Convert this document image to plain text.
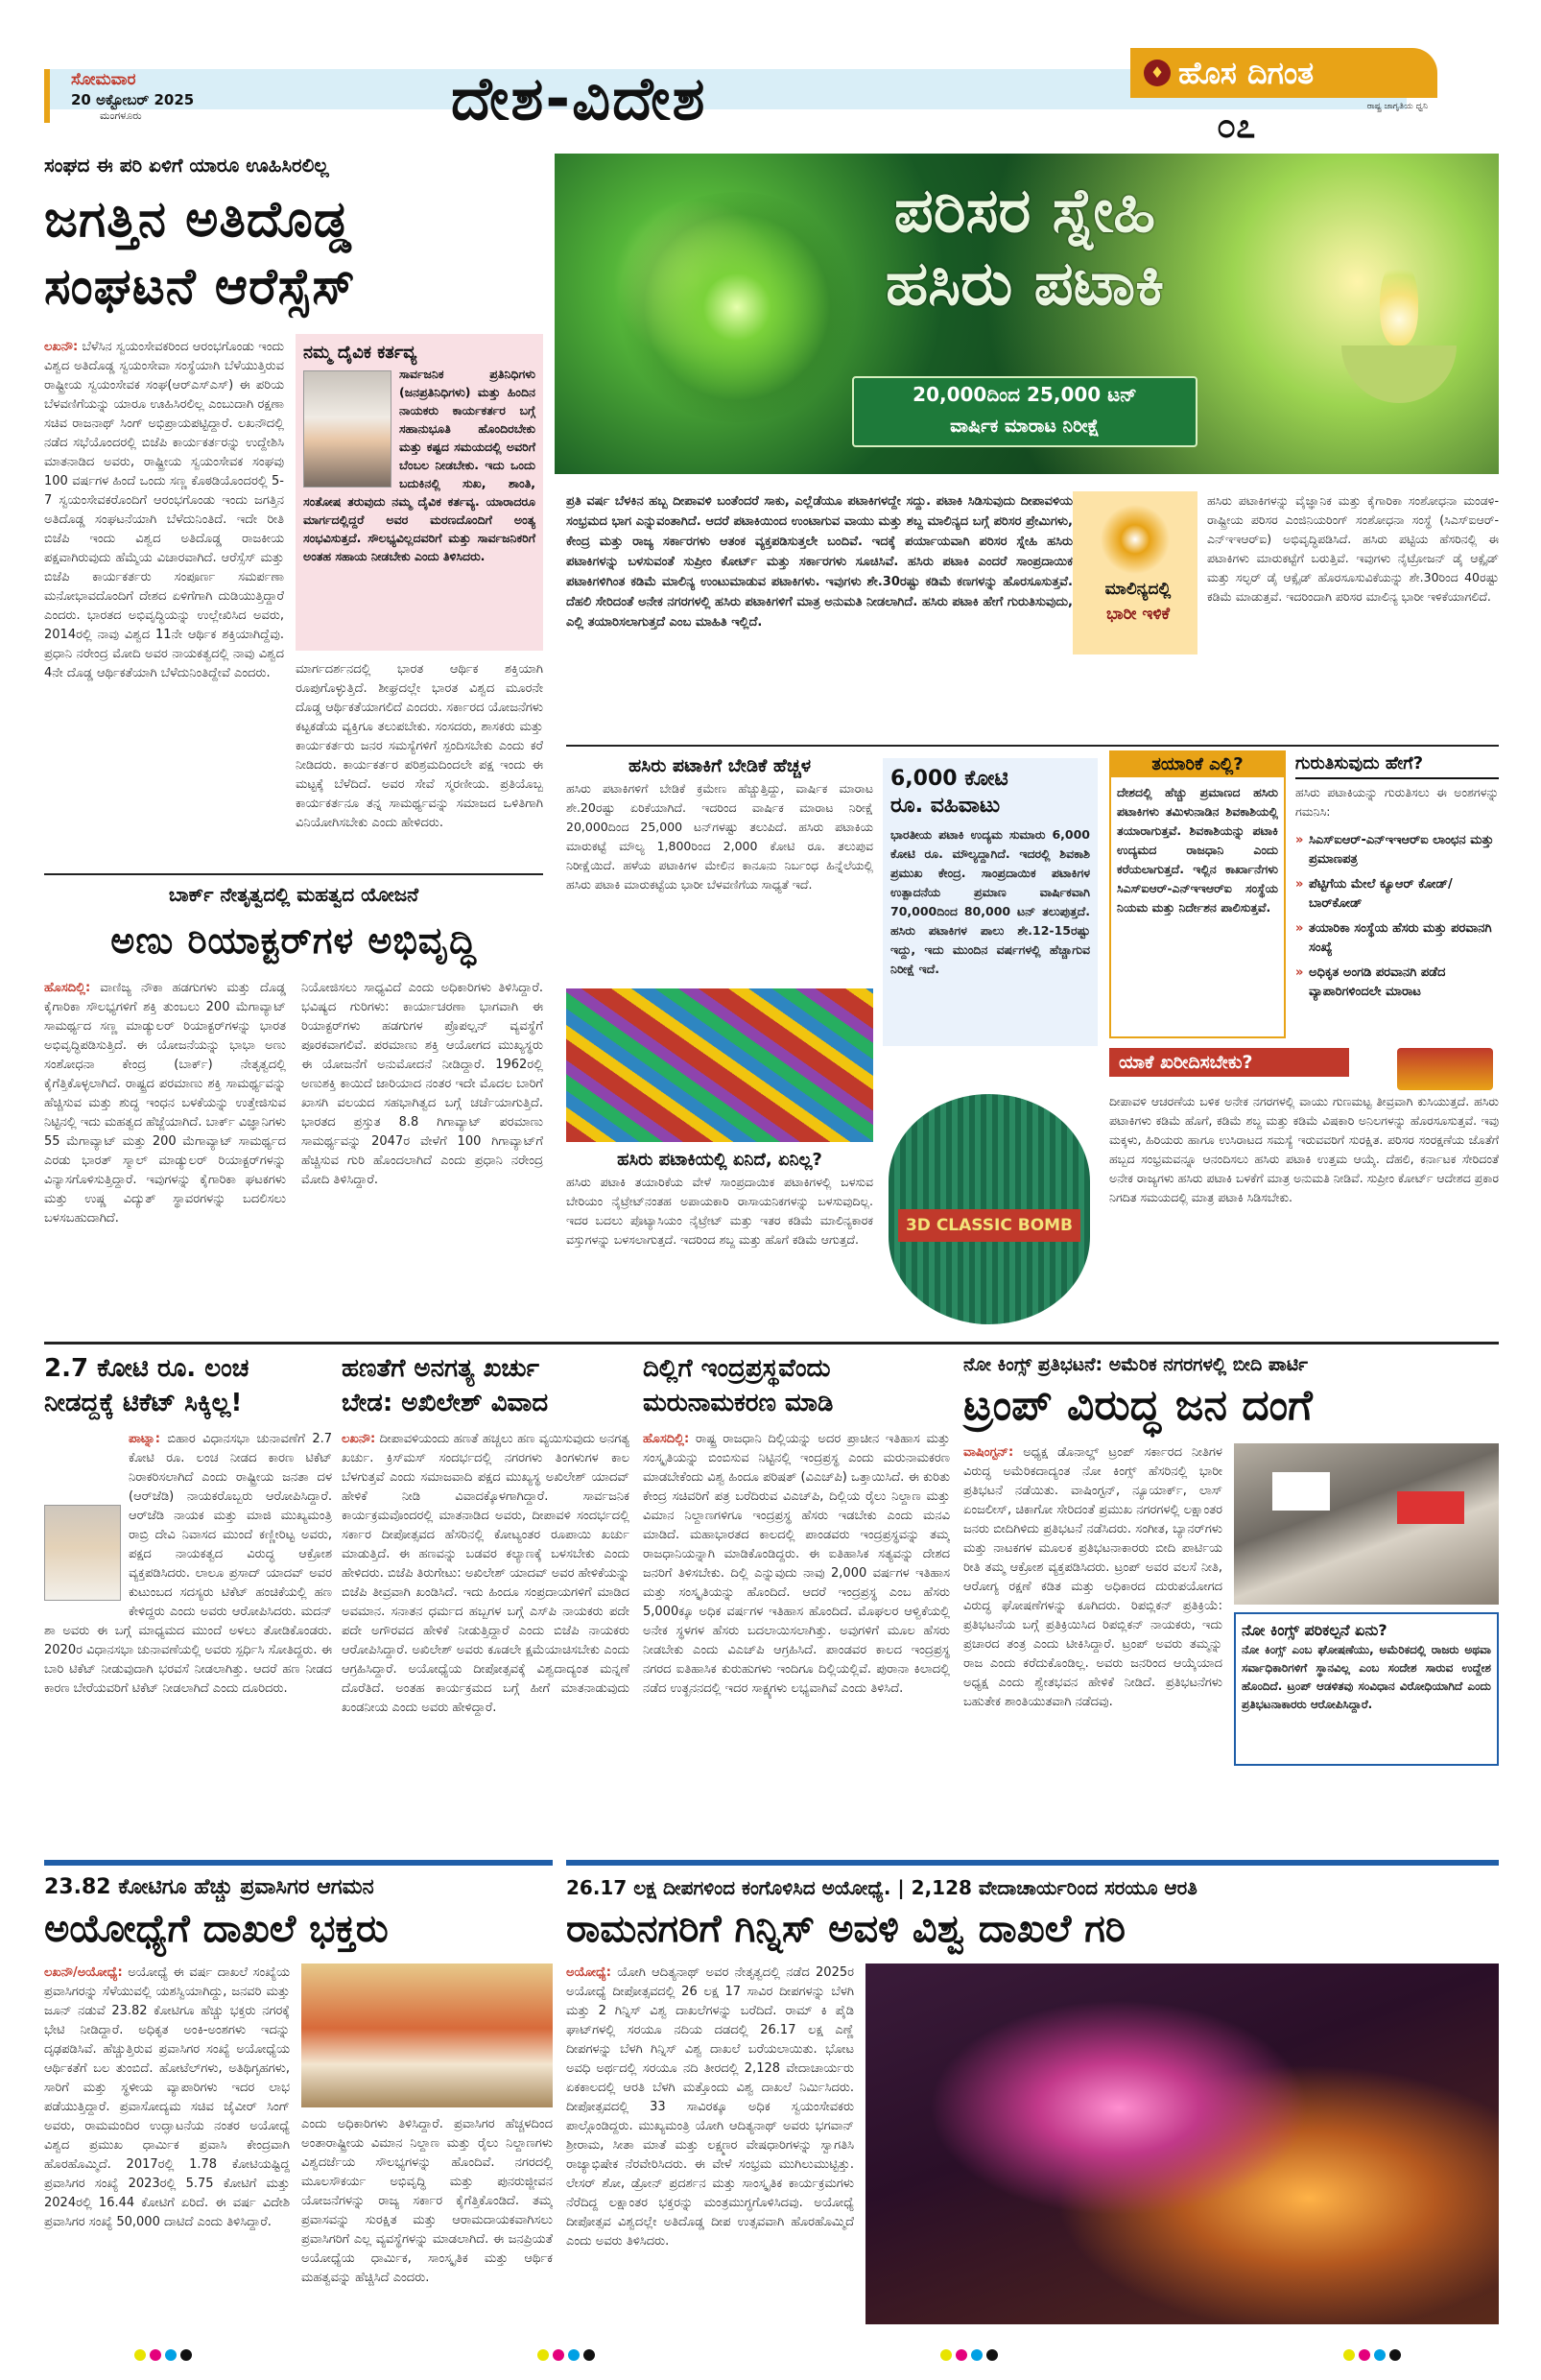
ಸೋಮವಾರ
20 ಅಕ್ಟೋಬರ್ 2025
ಮಂಗಳೂರು	ದೇಶ-ವಿದೇಶ	♦ ಹೊಸ ದಿಗಂತ
ರಾಷ್ಟ್ರ ಜಾಗೃತಿಯ ಧ್ವನಿ
೦೭
ಸಂಘದ ಈ ಪರಿ ಏಳಿಗೆ ಯಾರೂ ಊಹಿಸಿರಲಿಲ್ಲ
ಜಗತ್ತಿನ ಅತಿದೊಡ್ಡ
ಸಂಘಟನೆ ಆರೆಸ್ಸೆಸ್
ಲಖನೌ: ಬೆಳೆಸಿನ ಸ್ವಯಂಸೇವಕರಿಂದ ಆರಂಭಗೊಂಡು ಇಂದು ವಿಶ್ವದ ಅತಿದೊಡ್ಡ ಸ್ವಯಂಸೇವಾ ಸಂಸ್ಥೆಯಾಗಿ ಬೆಳೆಯುತ್ತಿರುವ ರಾಷ್ಟ್ರೀಯ ಸ್ವಯಂಸೇವಕ ಸಂಘ(ಆರ್‌ಎಸ್‌ಎಸ್) ಈ ಪರಿಯ ಬೆಳವಣಿಗೆಯನ್ನು ಯಾರೂ ಊಹಿಸಿರಲಿಲ್ಲ ಎಂಬುದಾಗಿ ರಕ್ಷಣಾ ಸಚಿವ ರಾಜನಾಥ್ ಸಿಂಗ್ ಅಭಿಪ್ರಾಯಪಟ್ಟಿದ್ದಾರೆ. ಲಖನೌದಲ್ಲಿ ನಡೆದ ಸಭೆಯೊಂದರಲ್ಲಿ ಬಿಜೆಪಿ ಕಾರ್ಯಕರ್ತರನ್ನು ಉದ್ದೇಶಿಸಿ ಮಾತನಾಡಿದ ಅವರು, ರಾಷ್ಟ್ರೀಯ ಸ್ವಯಂಸೇವಕ ಸಂಘವು 100 ವರ್ಷಗಳ ಹಿಂದೆ ಒಂದು ಸಣ್ಣ ಕೊಠಡಿಯೊಂದರಲ್ಲಿ 5-7 ಸ್ವಯಂಸೇವಕರೊಂದಿಗೆ ಆರಂಭಗೊಂಡು ಇಂದು ಜಗತ್ತಿನ ಅತಿದೊಡ್ಡ ಸಂಘಟನೆಯಾಗಿ ಬೆಳೆದುನಿಂತಿದೆ. ಇದೇ ರೀತಿ ಬಿಜೆಪಿ ಇಂದು ವಿಶ್ವದ ಅತಿದೊಡ್ಡ ರಾಜಕೀಯ ಪಕ್ಷವಾಗಿರುವುದು ಹೆಮ್ಮೆಯ ವಿಚಾರವಾಗಿದೆ. ಆರೆಸ್ಸೆಸ್ ಮತ್ತು ಬಿಜೆಪಿ ಕಾರ್ಯಕರ್ತರು ಸಂಪೂರ್ಣ ಸಮರ್ಪಣಾ ಮನೋಭಾವದೊಂದಿಗೆ ದೇಶದ ಏಳಿಗೆಗಾಗಿ ದುಡಿಯುತ್ತಿದ್ದಾರೆ ಎಂದರು. ಭಾರತದ ಅಭಿವೃದ್ಧಿಯನ್ನು ಉಲ್ಲೇಖಿಸಿದ ಅವರು, 2014ರಲ್ಲಿ ನಾವು ವಿಶ್ವದ 11ನೇ ಆರ್ಥಿಕ ಶಕ್ತಿಯಾಗಿದ್ದೆವು. ಪ್ರಧಾನಿ ನರೇಂದ್ರ ಮೋದಿ ಅವರ ನಾಯಕತ್ವದಲ್ಲಿ ನಾವು ವಿಶ್ವದ 4ನೇ ದೊಡ್ಡ ಆರ್ಥಿಕತೆಯಾಗಿ ಬೆಳೆದುನಿಂತಿದ್ದೇವೆ ಎಂದರು.
ನಮ್ಮ ದೈವಿಕ ಕರ್ತವ್ಯ
ಸಾರ್ವಜನಿಕ ಪ್ರತಿನಿಧಿಗಳು (ಜನಪ್ರತಿನಿಧಿಗಳು) ಮತ್ತು ಹಿಂದಿನ ನಾಯಕರು ಕಾರ್ಯಕರ್ತರ ಬಗ್ಗೆ ಸಹಾನುಭೂತಿ ಹೊಂದಿರಬೇಕು ಮತ್ತು ಕಷ್ಟದ ಸಮಯದಲ್ಲಿ ಅವರಿಗೆ ಬೆಂಬಲ ನೀಡಬೇಕು. ಇದು ಒಂದು ಬದುಕಿನಲ್ಲಿ ಸುಖ, ಶಾಂತಿ, ಸಂತೋಷ ತರುವುದು ನಮ್ಮ ದೈವಿಕ ಕರ್ತವ್ಯ. ಯಾರಾದರೂ ಮಾರ್ಗದಲ್ಲಿದ್ದರೆ ಅವರ ಮರಣದೊಂದಿಗೆ ಅಂತ್ಯ ಸಂಭವಿಸುತ್ತದೆ. ಸೌಲಭ್ಯವಿಲ್ಲದವರಿಗೆ ಮತ್ತು ಸಾರ್ವಜನಿಕರಿಗೆ ಅಂತಹ ಸಹಾಯ ನೀಡಬೇಕು ಎಂದು ತಿಳಿಸಿದರು.
ಮಾರ್ಗದರ್ಶನದಲ್ಲಿ ಭಾರತ ಆರ್ಥಿಕ ಶಕ್ತಿಯಾಗಿ ರೂಪುಗೊಳ್ಳುತ್ತಿದೆ. ಶೀಘ್ರದಲ್ಲೇ ಭಾರತ ವಿಶ್ವದ ಮೂರನೇ ದೊಡ್ಡ ಆರ್ಥಿಕತೆಯಾಗಲಿದೆ ಎಂದರು. ಸರ್ಕಾರದ ಯೋಜನೆಗಳು ಕಟ್ಟಕಡೆಯ ವ್ಯಕ್ತಿಗೂ ತಲುಪಬೇಕು. ಸಂಸದರು, ಶಾಸಕರು ಮತ್ತು ಕಾರ್ಯಕರ್ತರು ಜನರ ಸಮಸ್ಯೆಗಳಿಗೆ ಸ್ಪಂದಿಸಬೇಕು ಎಂದು ಕರೆ ನೀಡಿದರು. ಕಾರ್ಯಕರ್ತರ ಪರಿಶ್ರಮದಿಂದಲೇ ಪಕ್ಷ ಇಂದು ಈ ಮಟ್ಟಕ್ಕೆ ಬೆಳೆದಿದೆ. ಅವರ ಸೇವೆ ಸ್ಮರಣೀಯ. ಪ್ರತಿಯೊಬ್ಬ ಕಾರ್ಯಕರ್ತನೂ ತನ್ನ ಸಾಮರ್ಥ್ಯವನ್ನು ಸಮಾಜದ ಒಳಿತಿಗಾಗಿ ವಿನಿಯೋಗಿಸಬೇಕು ಎಂದು ಹೇಳಿದರು.
ಪರಿಸರ ಸ್ನೇಹಿ
ಹಸಿರು ಪಟಾಕಿ
20,000ದಿಂದ 25,000 ಟನ್
ವಾರ್ಷಿಕ ಮಾರಾಟ ನಿರೀಕ್ಷೆ
ಪ್ರತಿ ವರ್ಷ ಬೆಳಕಿನ ಹಬ್ಬ ದೀಪಾವಳಿ ಬಂತೆಂದರೆ ಸಾಕು, ಎಲ್ಲೆಡೆಯೂ ಪಟಾಕಿಗಳದ್ದೇ ಸದ್ದು. ಪಟಾಕಿ ಸಿಡಿಸುವುದು ದೀಪಾವಳಿಯ ಸಂಭ್ರಮದ ಭಾಗ ಎನ್ನುವಂತಾಗಿದೆ. ಆದರೆ ಪಟಾಕಿಯಿಂದ ಉಂಟಾಗುವ ವಾಯು ಮತ್ತು ಶಬ್ದ ಮಾಲಿನ್ಯದ ಬಗ್ಗೆ ಪರಿಸರ ಪ್ರೇಮಿಗಳು, ಕೇಂದ್ರ ಮತ್ತು ರಾಜ್ಯ ಸರ್ಕಾರಗಳು ಆತಂಕ ವ್ಯಕ್ತಪಡಿಸುತ್ತಲೇ ಬಂದಿವೆ. ಇದಕ್ಕೆ ಪರ್ಯಾಯವಾಗಿ ಪರಿಸರ ಸ್ನೇಹಿ ಹಸಿರು ಪಟಾಕಿಗಳನ್ನು ಬಳಸುವಂತೆ ಸುಪ್ರೀಂ ಕೋರ್ಟ್ ಮತ್ತು ಸರ್ಕಾರಗಳು ಸೂಚಿಸಿವೆ. ಹಸಿರು ಪಟಾಕಿ ಎಂದರೆ ಸಾಂಪ್ರದಾಯಿಕ ಪಟಾಕಿಗಳಿಗಿಂತ ಕಡಿಮೆ ಮಾಲಿನ್ಯ ಉಂಟುಮಾಡುವ ಪಟಾಕಿಗಳು. ಇವುಗಳು ಶೇ.30ರಷ್ಟು ಕಡಿಮೆ ಕಣಗಳನ್ನು ಹೊರಸೂಸುತ್ತವೆ. ದೆಹಲಿ ಸೇರಿದಂತೆ ಅನೇಕ ನಗರಗಳಲ್ಲಿ ಹಸಿರು ಪಟಾಕಿಗಳಿಗೆ ಮಾತ್ರ ಅನುಮತಿ ನೀಡಲಾಗಿದೆ. ಹಸಿರು ಪಟಾಕಿ ಹೇಗೆ ಗುರುತಿಸುವುದು, ಎಲ್ಲಿ ತಯಾರಿಸಲಾಗುತ್ತದೆ ಎಂಬ ಮಾಹಿತಿ ಇಲ್ಲಿದೆ.
ಮಾಲಿನ್ಯದಲ್ಲಿ
ಭಾರೀ ಇಳಿಕೆ
ಹಸಿರು ಪಟಾಕಿಗಳನ್ನು ವೈಜ್ಞಾನಿಕ ಮತ್ತು ಕೈಗಾರಿಕಾ ಸಂಶೋಧನಾ ಮಂಡಳಿ-ರಾಷ್ಟ್ರೀಯ ಪರಿಸರ ಎಂಜಿನಿಯರಿಂಗ್ ಸಂಶೋಧನಾ ಸಂಸ್ಥೆ (ಸಿಎಸ್‌ಐಆರ್-ಎನ್‌ಇಇಆರ್‌ಐ) ಅಭಿವೃದ್ಧಿಪಡಿಸಿದೆ. ಹಸಿರು ಪಟ್ಟಿಯ ಹೆಸರಿನಲ್ಲಿ ಈ ಪಟಾಕಿಗಳು ಮಾರುಕಟ್ಟೆಗೆ ಬರುತ್ತಿವೆ. ಇವುಗಳು ನೈಟ್ರೋಜನ್ ಡೈ ಆಕ್ಸೈಡ್ ಮತ್ತು ಸಲ್ಫರ್ ಡೈ ಆಕ್ಸೈಡ್ ಹೊರಸೂಸುವಿಕೆಯನ್ನು ಶೇ.30ರಿಂದ 40ರಷ್ಟು ಕಡಿಮೆ ಮಾಡುತ್ತವೆ. ಇದರಿಂದಾಗಿ ಪರಿಸರ ಮಾಲಿನ್ಯ ಭಾರೀ ಇಳಿಕೆಯಾಗಲಿದೆ.
ಹಸಿರು ಪಟಾಕಿಗೆ ಬೇಡಿಕೆ ಹೆಚ್ಚಳ
ಹಸಿರು ಪಟಾಕಿಗಳಿಗೆ ಬೇಡಿಕೆ ಕ್ರಮೇಣ ಹೆಚ್ಚುತ್ತಿದ್ದು, ವಾರ್ಷಿಕ ಮಾರಾಟ ಶೇ.20ರಷ್ಟು ಏರಿಕೆಯಾಗಿದೆ. ಇದರಿಂದ ವಾರ್ಷಿಕ ಮಾರಾಟ ನಿರೀಕ್ಷೆ 20,000ದಿಂದ 25,000 ಟನ್‌ಗಳಷ್ಟು ತಲುಪಿದೆ. ಹಸಿರು ಪಟಾಕಿಯ ಮಾರುಕಟ್ಟೆ ಮೌಲ್ಯ 1,800ರಿಂದ 2,000 ಕೋಟಿ ರೂ. ತಲುಪುವ ನಿರೀಕ್ಷೆಯಿದೆ. ಹಳೆಯ ಪಟಾಕಿಗಳ ಮೇಲಿನ ಕಾನೂನು ನಿರ್ಬಂಧ ಹಿನ್ನೆಲೆಯಲ್ಲಿ ಹಸಿರು ಪಟಾಕಿ ಮಾರುಕಟ್ಟೆಯ ಭಾರೀ ಬೆಳವಣಿಗೆಯ ಸಾಧ್ಯತೆ ಇದೆ.
ಹಸಿರು ಪಟಾಕಿಯಲ್ಲಿ ಏನಿದೆ, ಏನಿಲ್ಲ?
ಹಸಿರು ಪಟಾಕಿ ತಯಾರಿಕೆಯ ವೇಳೆ ಸಾಂಪ್ರದಾಯಿಕ ಪಟಾಕಿಗಳಲ್ಲಿ ಬಳಸುವ ಬೇರಿಯಂ ನೈಟ್ರೇಟ್‌ನಂತಹ ಅಪಾಯಕಾರಿ ರಾಸಾಯನಿಕಗಳನ್ನು ಬಳಸುವುದಿಲ್ಲ. ಇದರ ಬದಲು ಪೊಟ್ಯಾಸಿಯಂ ನೈಟ್ರೇಟ್ ಮತ್ತು ಇತರ ಕಡಿಮೆ ಮಾಲಿನ್ಯಕಾರಕ ವಸ್ತುಗಳನ್ನು ಬಳಸಲಾಗುತ್ತದೆ. ಇದರಿಂದ ಶಬ್ದ ಮತ್ತು ಹೊಗೆ ಕಡಿಮೆ ಆಗುತ್ತದೆ.
6,000 ಕೋಟಿ
ರೂ. ವಹಿವಾಟು
ಭಾರತೀಯ ಪಟಾಕಿ ಉದ್ಯಮ ಸುಮಾರು 6,000 ಕೋಟಿ ರೂ. ಮೌಲ್ಯದ್ದಾಗಿದೆ. ಇದರಲ್ಲಿ ಶಿವಕಾಶಿ ಪ್ರಮುಖ ಕೇಂದ್ರ. ಸಾಂಪ್ರದಾಯಿಕ ಪಟಾಕಿಗಳ ಉತ್ಪಾದನೆಯ ಪ್ರಮಾಣ ವಾರ್ಷಿಕವಾಗಿ 70,000ದಿಂದ 80,000 ಟನ್ ತಲುಪುತ್ತದೆ. ಹಸಿರು ಪಟಾಕಿಗಳ ಪಾಲು ಶೇ.12-15ರಷ್ಟು ಇದ್ದು, ಇದು ಮುಂದಿನ ವರ್ಷಗಳಲ್ಲಿ ಹೆಚ್ಚಾಗುವ ನಿರೀಕ್ಷೆ ಇದೆ.
3D CLASSIC BOMB
ತಯಾರಿಕೆ ಎಲ್ಲಿ?
ದೇಶದಲ್ಲಿ ಹೆಚ್ಚು ಪ್ರಮಾಣದ ಹಸಿರು ಪಟಾಕಿಗಳು ತಮಿಳುನಾಡಿನ ಶಿವಕಾಶಿಯಲ್ಲಿ ತಯಾರಾಗುತ್ತವೆ. ಶಿವಕಾಶಿಯನ್ನು ಪಟಾಕಿ ಉದ್ಯಮದ ರಾಜಧಾನಿ ಎಂದು ಕರೆಯಲಾಗುತ್ತದೆ. ಇಲ್ಲಿನ ಕಾರ್ಖಾನೆಗಳು ಸಿಎಸ್‌ಐಆರ್-ಎನ್‌ಇಇಆರ್‌ಐ ಸಂಸ್ಥೆಯ ನಿಯಮ ಮತ್ತು ನಿರ್ದೇಶನ ಪಾಲಿಸುತ್ತವೆ.
ಗುರುತಿಸುವುದು ಹೇಗೆ?
ಹಸಿರು ಪಟಾಕಿಯನ್ನು ಗುರುತಿಸಲು ಈ ಅಂಶಗಳನ್ನು ಗಮನಿಸಿ:
» ಸಿಎಸ್‌ಐಆರ್-ಎನ್‌ಇಇಆರ್‌ಐ ಲಾಂಛನ ಮತ್ತು ಪ್ರಮಾಣಪತ್ರ
» ಪೆಟ್ಟಿಗೆಯ ಮೇಲೆ ಕ್ಯೂಆರ್ ಕೋಡ್/ಬಾರ್‌ಕೋಡ್
» ತಯಾರಿಕಾ ಸಂಸ್ಥೆಯ ಹೆಸರು ಮತ್ತು ಪರವಾನಗಿ ಸಂಖ್ಯೆ
» ಅಧಿಕೃತ ಅಂಗಡಿ ಪರವಾನಗಿ ಪಡೆದ ವ್ಯಾಪಾರಿಗಳಿಂದಲೇ ಮಾರಾಟ
ಯಾಕೆ ಖರೀದಿಸಬೇಕು?
ದೀಪಾವಳಿ ಆಚರಣೆಯ ಬಳಿಕ ಅನೇಕ ನಗರಗಳಲ್ಲಿ ವಾಯು ಗುಣಮಟ್ಟ ತೀವ್ರವಾಗಿ ಕುಸಿಯುತ್ತದೆ. ಹಸಿರು ಪಟಾಕಿಗಳು ಕಡಿಮೆ ಹೊಗೆ, ಕಡಿಮೆ ಶಬ್ದ ಮತ್ತು ಕಡಿಮೆ ವಿಷಕಾರಿ ಅನಿಲಗಳನ್ನು ಹೊರಸೂಸುತ್ತವೆ. ಇವು ಮಕ್ಕಳು, ಹಿರಿಯರು ಹಾಗೂ ಉಸಿರಾಟದ ಸಮಸ್ಯೆ ಇರುವವರಿಗೆ ಸುರಕ್ಷಿತ. ಪರಿಸರ ಸಂರಕ್ಷಣೆಯ ಜೊತೆಗೆ ಹಬ್ಬದ ಸಂಭ್ರಮವನ್ನೂ ಆನಂದಿಸಲು ಹಸಿರು ಪಟಾಕಿ ಉತ್ತಮ ಆಯ್ಕೆ. ದೆಹಲಿ, ಕರ್ನಾಟಕ ಸೇರಿದಂತೆ ಅನೇಕ ರಾಜ್ಯಗಳು ಹಸಿರು ಪಟಾಕಿ ಬಳಕೆಗೆ ಮಾತ್ರ ಅನುಮತಿ ನೀಡಿವೆ. ಸುಪ್ರೀಂ ಕೋರ್ಟ್ ಆದೇಶದ ಪ್ರಕಾರ ನಿಗದಿತ ಸಮಯದಲ್ಲಿ ಮಾತ್ರ ಪಟಾಕಿ ಸಿಡಿಸಬೇಕು.
ಬಾರ್ಕ್ ನೇತೃತ್ವದಲ್ಲಿ ಮಹತ್ವದ ಯೋಜನೆ
ಅಣು ರಿಯಾಕ್ಟರ್‌ಗಳ ಅಭಿವೃದ್ಧಿ
ಹೊಸದಿಲ್ಲಿ: ವಾಣಿಜ್ಯ ನೌಕಾ ಹಡಗುಗಳು ಮತ್ತು ದೊಡ್ಡ ಕೈಗಾರಿಕಾ ಸೌಲಭ್ಯಗಳಿಗೆ ಶಕ್ತಿ ತುಂಬಲು 200 ಮೆಗಾವ್ಯಾಟ್ ಸಾಮರ್ಥ್ಯದ ಸಣ್ಣ ಮಾಡ್ಯುಲರ್ ರಿಯಾಕ್ಟರ್‌ಗಳನ್ನು ಭಾರತ ಅಭಿವೃದ್ಧಿಪಡಿಸುತ್ತಿದೆ. ಈ ಯೋಜನೆಯನ್ನು ಭಾಭಾ ಅಣು ಸಂಶೋಧನಾ ಕೇಂದ್ರ (ಬಾರ್ಕ್) ನೇತೃತ್ವದಲ್ಲಿ ಕೈಗೆತ್ತಿಕೊಳ್ಳಲಾಗಿದೆ. ರಾಷ್ಟ್ರದ ಪರಮಾಣು ಶಕ್ತಿ ಸಾಮರ್ಥ್ಯವನ್ನು ಹೆಚ್ಚಿಸುವ ಮತ್ತು ಶುದ್ಧ ಇಂಧನ ಬಳಕೆಯನ್ನು ಉತ್ತೇಜಿಸುವ ನಿಟ್ಟಿನಲ್ಲಿ ಇದು ಮಹತ್ವದ ಹೆಜ್ಜೆಯಾಗಿದೆ. ಬಾರ್ಕ್ ವಿಜ್ಞಾನಿಗಳು 55 ಮೆಗಾವ್ಯಾಟ್ ಮತ್ತು 200 ಮೆಗಾವ್ಯಾಟ್ ಸಾಮರ್ಥ್ಯದ ಎರಡು ಭಾರತ್ ಸ್ಮಾಲ್ ಮಾಡ್ಯುಲರ್ ರಿಯಾಕ್ಟರ್‌ಗಳನ್ನು ವಿನ್ಯಾಸಗೊಳಿಸುತ್ತಿದ್ದಾರೆ. ಇವುಗಳನ್ನು ಕೈಗಾರಿಕಾ ಘಟಕಗಳು ಮತ್ತು ಉಷ್ಣ ವಿದ್ಯುತ್ ಸ್ಥಾವರಗಳನ್ನು ಬದಲಿಸಲು ಬಳಸಬಹುದಾಗಿದೆ.
ನಿಯೋಜಿಸಲು ಸಾಧ್ಯವಿದೆ ಎಂದು ಅಧಿಕಾರಿಗಳು ತಿಳಿಸಿದ್ದಾರೆ. ಭವಿಷ್ಯದ ಗುರಿಗಳು: ಕಾರ್ಯಾಚರಣಾ ಭಾಗವಾಗಿ ಈ ರಿಯಾಕ್ಟರ್‌ಗಳು ಹಡಗುಗಳ ಪ್ರೊಪಲ್ಷನ್ ವ್ಯವಸ್ಥೆಗೆ ಪೂರಕವಾಗಲಿವೆ. ಪರಮಾಣು ಶಕ್ತಿ ಆಯೋಗದ ಮುಖ್ಯಸ್ಥರು ಈ ಯೋಜನೆಗೆ ಅನುಮೋದನೆ ನೀಡಿದ್ದಾರೆ. 1962ರಲ್ಲಿ ಅಣುಶಕ್ತಿ ಕಾಯಿದೆ ಜಾರಿಯಾದ ನಂತರ ಇದೇ ಮೊದಲ ಬಾರಿಗೆ ಖಾಸಗಿ ವಲಯದ ಸಹಭಾಗಿತ್ವದ ಬಗ್ಗೆ ಚರ್ಚೆಯಾಗುತ್ತಿದೆ. ಭಾರತದ ಪ್ರಸ್ತುತ 8.8 ಗಿಗಾವ್ಯಾಟ್ ಪರಮಾಣು ಸಾಮರ್ಥ್ಯವನ್ನು 2047ರ ವೇಳೆಗೆ 100 ಗಿಗಾವ್ಯಾಟ್‌ಗೆ ಹೆಚ್ಚಿಸುವ ಗುರಿ ಹೊಂದಲಾಗಿದೆ ಎಂದು ಪ್ರಧಾನಿ ನರೇಂದ್ರ ಮೋದಿ ತಿಳಿಸಿದ್ದಾರೆ.
2.7 ಕೋಟಿ ರೂ. ಲಂಚ
ನೀಡದ್ದಕ್ಕೆ ಟಿಕೆಟ್ ಸಿಕ್ಕಿಲ್ಲ!
ಪಾಟ್ನಾ: ಬಿಹಾರ ವಿಧಾನಸಭಾ ಚುನಾವಣೆಗೆ 2.7 ಕೋಟಿ ರೂ. ಲಂಚ ನೀಡದ ಕಾರಣ ಟಿಕೆಟ್ ನಿರಾಕರಿಸಲಾಗಿದೆ ಎಂದು ರಾಷ್ಟ್ರೀಯ ಜನತಾ ದಳ (ಆರ್‌ಜೆಡಿ) ನಾಯಕರೊಬ್ಬರು ಆರೋಪಿಸಿದ್ದಾರೆ. ಆರ್‌ಜೆಡಿ ನಾಯಕ ಮತ್ತು ಮಾಜಿ ಮುಖ್ಯಮಂತ್ರಿ ರಾಬ್ರಿ ದೇವಿ ನಿವಾಸದ ಮುಂದೆ ಕಣ್ಣೀರಿಟ್ಟ ಅವರು, ಪಕ್ಷದ ನಾಯಕತ್ವದ ವಿರುದ್ಧ ಆಕ್ರೋಶ ವ್ಯಕ್ತಪಡಿಸಿದರು. ಲಾಲೂ ಪ್ರಸಾದ್ ಯಾದವ್ ಅವರ ಕುಟುಂಬದ ಸದಸ್ಯರು ಟಿಕೆಟ್ ಹಂಚಿಕೆಯಲ್ಲಿ ಹಣ ಕೇಳಿದ್ದರು ಎಂದು ಅವರು ಆರೋಪಿಸಿದರು. ಮದನ್ ಶಾ ಅವರು ಈ ಬಗ್ಗೆ ಮಾಧ್ಯಮದ ಮುಂದೆ ಅಳಲು ತೋಡಿಕೊಂಡರು. 2020ರ ವಿಧಾನಸಭಾ ಚುನಾವಣೆಯಲ್ಲಿ ಅವರು ಸ್ಪರ್ಧಿಸಿ ಸೋತಿದ್ದರು. ಈ ಬಾರಿ ಟಿಕೆಟ್ ನೀಡುವುದಾಗಿ ಭರವಸೆ ನೀಡಲಾಗಿತ್ತು. ಆದರೆ ಹಣ ನೀಡದ ಕಾರಣ ಬೇರೆಯವರಿಗೆ ಟಿಕೆಟ್ ನೀಡಲಾಗಿದೆ ಎಂದು ದೂರಿದರು.
ಹಣತೆಗೆ ಅನಗತ್ಯ ಖರ್ಚು
ಬೇಡ: ಅಖಿಲೇಶ್ ವಿವಾದ
ಲಖನೌ: ದೀಪಾವಳಿಯಂದು ಹಣತೆ ಹಚ್ಚಲು ಹಣ ವ್ಯಯಿಸುವುದು ಅನಗತ್ಯ ಖರ್ಚು. ಕ್ರಿಸ್‌ಮಸ್ ಸಂದರ್ಭದಲ್ಲಿ ನಗರಗಳು ತಿಂಗಳುಗಳ ಕಾಲ ಬೆಳಗುತ್ತವೆ ಎಂದು ಸಮಾಜವಾದಿ ಪಕ್ಷದ ಮುಖ್ಯಸ್ಥ ಅಖಿಲೇಶ್ ಯಾದವ್ ಹೇಳಿಕೆ ನೀಡಿ ವಿವಾದಕ್ಕೊಳಗಾಗಿದ್ದಾರೆ. ಸಾರ್ವಜನಿಕ ಕಾರ್ಯಕ್ರಮವೊಂದರಲ್ಲಿ ಮಾತನಾಡಿದ ಅವರು, ದೀಪಾವಳಿ ಸಂದರ್ಭದಲ್ಲಿ ಸರ್ಕಾರ ದೀಪೋತ್ಸವದ ಹೆಸರಿನಲ್ಲಿ ಕೋಟ್ಯಂತರ ರೂಪಾಯಿ ಖರ್ಚು ಮಾಡುತ್ತಿದೆ. ಈ ಹಣವನ್ನು ಬಡವರ ಕಲ್ಯಾಣಕ್ಕೆ ಬಳಸಬೇಕು ಎಂದು ಹೇಳಿದರು. ಬಿಜೆಪಿ ತಿರುಗೇಟು: ಅಖಿಲೇಶ್ ಯಾದವ್ ಅವರ ಹೇಳಿಕೆಯನ್ನು ಬಿಜೆಪಿ ತೀವ್ರವಾಗಿ ಖಂಡಿಸಿದೆ. ಇದು ಹಿಂದೂ ಸಂಪ್ರದಾಯಗಳಿಗೆ ಮಾಡಿದ ಅವಮಾನ. ಸನಾತನ ಧರ್ಮದ ಹಬ್ಬಗಳ ಬಗ್ಗೆ ಎಸ್‌ಪಿ ನಾಯಕರು ಪದೇ ಪದೇ ಅಗೌರವದ ಹೇಳಿಕೆ ನೀಡುತ್ತಿದ್ದಾರೆ ಎಂದು ಬಿಜೆಪಿ ನಾಯಕರು ಆರೋಪಿಸಿದ್ದಾರೆ. ಅಖಿಲೇಶ್ ಅವರು ಕೂಡಲೇ ಕ್ಷಮೆಯಾಚಿಸಬೇಕು ಎಂದು ಆಗ್ರಹಿಸಿದ್ದಾರೆ. ಅಯೋಧ್ಯೆಯ ದೀಪೋತ್ಸವಕ್ಕೆ ವಿಶ್ವದಾದ್ಯಂತ ಮನ್ನಣೆ ದೊರೆತಿದೆ. ಅಂತಹ ಕಾರ್ಯಕ್ರಮದ ಬಗ್ಗೆ ಹೀಗೆ ಮಾತನಾಡುವುದು ಖಂಡನೀಯ ಎಂದು ಅವರು ಹೇಳಿದ್ದಾರೆ.
ದಿಲ್ಲಿಗೆ ಇಂದ್ರಪ್ರಸ್ಥವೆಂದು
ಮರುನಾಮಕರಣ ಮಾಡಿ
ಹೊಸದಿಲ್ಲಿ: ರಾಷ್ಟ್ರ ರಾಜಧಾನಿ ದಿಲ್ಲಿಯನ್ನು ಅದರ ಪ್ರಾಚೀನ ಇತಿಹಾಸ ಮತ್ತು ಸಂಸ್ಕೃತಿಯನ್ನು ಬಿಂಬಿಸುವ ನಿಟ್ಟಿನಲ್ಲಿ ಇಂದ್ರಪ್ರಸ್ಥ ಎಂದು ಮರುನಾಮಕರಣ ಮಾಡಬೇಕೆಂದು ವಿಶ್ವ ಹಿಂದೂ ಪರಿಷತ್ (ವಿಎಚ್‌ಪಿ) ಒತ್ತಾಯಿಸಿದೆ. ಈ ಕುರಿತು ಕೇಂದ್ರ ಸಚಿವರಿಗೆ ಪತ್ರ ಬರೆದಿರುವ ವಿಎಚ್‌ಪಿ, ದಿಲ್ಲಿಯ ರೈಲು ನಿಲ್ದಾಣ ಮತ್ತು ವಿಮಾನ ನಿಲ್ದಾಣಗಳಿಗೂ ಇಂದ್ರಪ್ರಸ್ಥ ಹೆಸರು ಇಡಬೇಕು ಎಂದು ಮನವಿ ಮಾಡಿದೆ. ಮಹಾಭಾರತದ ಕಾಲದಲ್ಲಿ ಪಾಂಡವರು ಇಂದ್ರಪ್ರಸ್ಥವನ್ನು ತಮ್ಮ ರಾಜಧಾನಿಯನ್ನಾಗಿ ಮಾಡಿಕೊಂಡಿದ್ದರು. ಈ ಐತಿಹಾಸಿಕ ಸತ್ಯವನ್ನು ದೇಶದ ಜನರಿಗೆ ತಿಳಿಸಬೇಕು. ದಿಲ್ಲಿ ಎನ್ನುವುದು ನಾವು 2,000 ವರ್ಷಗಳ ಇತಿಹಾಸ ಮತ್ತು ಸಂಸ್ಕೃತಿಯನ್ನು ಹೊಂದಿದೆ. ಆದರೆ ಇಂದ್ರಪ್ರಸ್ಥ ಎಂಬ ಹೆಸರು 5,000ಕ್ಕೂ ಅಧಿಕ ವರ್ಷಗಳ ಇತಿಹಾಸ ಹೊಂದಿದೆ. ಮೊಘಲರ ಆಳ್ವಿಕೆಯಲ್ಲಿ ಅನೇಕ ಸ್ಥಳಗಳ ಹೆಸರು ಬದಲಾಯಿಸಲಾಗಿತ್ತು. ಅವುಗಳಿಗೆ ಮೂಲ ಹೆಸರು ನೀಡಬೇಕು ಎಂದು ವಿಎಚ್‌ಪಿ ಆಗ್ರಹಿಸಿದೆ. ಪಾಂಡವರ ಕಾಲದ ಇಂದ್ರಪ್ರಸ್ಥ ನಗರದ ಐತಿಹಾಸಿಕ ಕುರುಹುಗಳು ಇಂದಿಗೂ ದಿಲ್ಲಿಯಲ್ಲಿವೆ. ಪುರಾನಾ ಕಿಲಾದಲ್ಲಿ ನಡೆದ ಉತ್ಖನನದಲ್ಲಿ ಇದರ ಸಾಕ್ಷ್ಯಗಳು ಲಭ್ಯವಾಗಿವೆ ಎಂದು ತಿಳಿಸಿದೆ.
ನೋ ಕಿಂಗ್ಸ್ ಪ್ರತಿಭಟನೆ: ಅಮೆರಿಕ ನಗರಗಳಲ್ಲಿ ಬೀದಿ ಪಾರ್ಟಿ
ಟ್ರಂಪ್ ವಿರುದ್ಧ ಜನ ದಂಗೆ
ವಾಷಿಂಗ್ಟನ್: ಅಧ್ಯಕ್ಷ ಡೊನಾಲ್ಡ್ ಟ್ರಂಪ್ ಸರ್ಕಾರದ ನೀತಿಗಳ ವಿರುದ್ಧ ಅಮೆರಿಕದಾದ್ಯಂತ ನೋ ಕಿಂಗ್ಸ್ ಹೆಸರಿನಲ್ಲಿ ಭಾರೀ ಪ್ರತಿಭಟನೆ ನಡೆಯಿತು. ವಾಷಿಂಗ್ಟನ್, ನ್ಯೂಯಾರ್ಕ್, ಲಾಸ್ ಏಂಜಲೀಸ್, ಚಿಕಾಗೋ ಸೇರಿದಂತೆ ಪ್ರಮುಖ ನಗರಗಳಲ್ಲಿ ಲಕ್ಷಾಂತರ ಜನರು ಬೀದಿಗಿಳಿದು ಪ್ರತಿಭಟನೆ ನಡೆಸಿದರು. ಸಂಗೀತ, ಬ್ಯಾನರ್‌ಗಳು ಮತ್ತು ನಾಟಕಗಳ ಮೂಲಕ ಪ್ರತಿಭಟನಾಕಾರರು ಬೀದಿ ಪಾರ್ಟಿಯ ರೀತಿ ತಮ್ಮ ಆಕ್ರೋಶ ವ್ಯಕ್ತಪಡಿಸಿದರು. ಟ್ರಂಪ್ ಅವರ ವಲಸೆ ನೀತಿ, ಆರೋಗ್ಯ ರಕ್ಷಣೆ ಕಡಿತ ಮತ್ತು ಅಧಿಕಾರದ ದುರುಪಯೋಗದ ವಿರುದ್ಧ ಘೋಷಣೆಗಳನ್ನು ಕೂಗಿದರು. ರಿಪಬ್ಲಿಕನ್ ಪ್ರತಿಕ್ರಿಯೆ: ಪ್ರತಿಭಟನೆಯ ಬಗ್ಗೆ ಪ್ರತಿಕ್ರಿಯಿಸಿದ ರಿಪಬ್ಲಿಕನ್ ನಾಯಕರು, ಇದು ಪ್ರಚಾರದ ತಂತ್ರ ಎಂದು ಟೀಕಿಸಿದ್ದಾರೆ. ಟ್ರಂಪ್ ಅವರು ತಮ್ಮನ್ನು ರಾಜ ಎಂದು ಕರೆದುಕೊಂಡಿಲ್ಲ. ಅವರು ಜನರಿಂದ ಆಯ್ಕೆಯಾದ ಅಧ್ಯಕ್ಷ ಎಂದು ಶ್ವೇತಭವನ ಹೇಳಿಕೆ ನೀಡಿದೆ. ಪ್ರತಿಭಟನೆಗಳು ಬಹುತೇಕ ಶಾಂತಿಯುತವಾಗಿ ನಡೆದವು.
ನೋ ಕಿಂಗ್ಸ್ ಪರಿಕಲ್ಪನೆ ಏನು?
ನೋ ಕಿಂಗ್ಸ್ ಎಂಬ ಘೋಷಣೆಯು, ಅಮೆರಿಕದಲ್ಲಿ ರಾಜರು ಅಥವಾ ಸರ್ವಾಧಿಕಾರಿಗಳಿಗೆ ಸ್ಥಾನವಿಲ್ಲ ಎಂಬ ಸಂದೇಶ ಸಾರುವ ಉದ್ದೇಶ ಹೊಂದಿದೆ. ಟ್ರಂಪ್ ಆಡಳಿತವು ಸಂವಿಧಾನ ವಿರೋಧಿಯಾಗಿದೆ ಎಂದು ಪ್ರತಿಭಟನಾಕಾರರು ಆರೋಪಿಸಿದ್ದಾರೆ.
23.82 ಕೋಟಿಗೂ ಹೆಚ್ಚು ಪ್ರವಾಸಿಗರ ಆಗಮನ
ಅಯೋಧ್ಯೆಗೆ ದಾಖಲೆ ಭಕ್ತರು
ಲಖನೌ/ಅಯೋಧ್ಯೆ: ಅಯೋಧ್ಯೆ ಈ ವರ್ಷ ದಾಖಲೆ ಸಂಖ್ಯೆಯ ಪ್ರವಾಸಿಗರನ್ನು ಸೆಳೆಯುವಲ್ಲಿ ಯಶಸ್ವಿಯಾಗಿದ್ದು, ಜನವರಿ ಮತ್ತು ಜೂನ್ ನಡುವೆ 23.82 ಕೋಟಿಗೂ ಹೆಚ್ಚು ಭಕ್ತರು ನಗರಕ್ಕೆ ಭೇಟಿ ನೀಡಿದ್ದಾರೆ. ಅಧಿಕೃತ ಅಂಕಿ-ಅಂಶಗಳು ಇದನ್ನು ದೃಢಪಡಿಸಿವೆ. ಹೆಚ್ಚುತ್ತಿರುವ ಪ್ರವಾಸಿಗರ ಸಂಖ್ಯೆ ಅಯೋಧ್ಯೆಯ ಆರ್ಥಿಕತೆಗೆ ಬಲ ತುಂಬಿದೆ. ಹೋಟೆಲ್‌ಗಳು, ಅತಿಥಿಗೃಹಗಳು, ಸಾರಿಗೆ ಮತ್ತು ಸ್ಥಳೀಯ ವ್ಯಾಪಾರಿಗಳು ಇದರ ಲಾಭ ಪಡೆಯುತ್ತಿದ್ದಾರೆ. ಪ್ರವಾಸೋದ್ಯಮ ಸಚಿವ ಜೈವೀರ್ ಸಿಂಗ್ ಅವರು, ರಾಮಮಂದಿರ ಉದ್ಘಾಟನೆಯ ನಂತರ ಅಯೋಧ್ಯೆ ವಿಶ್ವದ ಪ್ರಮುಖ ಧಾರ್ಮಿಕ ಪ್ರವಾಸಿ ಕೇಂದ್ರವಾಗಿ ಹೊರಹೊಮ್ಮಿದೆ. 2017ರಲ್ಲಿ 1.78 ಕೋಟಿಯಷ್ಟಿದ್ದ ಪ್ರವಾಸಿಗರ ಸಂಖ್ಯೆ 2023ರಲ್ಲಿ 5.75 ಕೋಟಿಗೆ ಮತ್ತು 2024ರಲ್ಲಿ 16.44 ಕೋಟಿಗೆ ಏರಿದೆ. ಈ ವರ್ಷ ವಿದೇಶಿ ಪ್ರವಾಸಿಗರ ಸಂಖ್ಯೆ 50,000 ದಾಟಿದೆ ಎಂದು ತಿಳಿಸಿದ್ದಾರೆ.
ಎಂದು ಅಧಿಕಾರಿಗಳು ತಿಳಿಸಿದ್ದಾರೆ. ಪ್ರವಾಸಿಗರ ಹೆಚ್ಚಳದಿಂದ ಅಂತಾರಾಷ್ಟ್ರೀಯ ವಿಮಾನ ನಿಲ್ದಾಣ ಮತ್ತು ರೈಲು ನಿಲ್ದಾಣಗಳು ವಿಶ್ವದರ್ಜೆಯ ಸೌಲಭ್ಯಗಳನ್ನು ಹೊಂದಿವೆ. ನಗರದಲ್ಲಿ ಮೂಲಸೌಕರ್ಯ ಅಭಿವೃದ್ಧಿ ಮತ್ತು ಪುನರುಜ್ಜೀವನ ಯೋಜನೆಗಳನ್ನು ರಾಜ್ಯ ಸರ್ಕಾರ ಕೈಗೆತ್ತಿಕೊಂಡಿದೆ. ತಮ್ಮ ಪ್ರವಾಸವನ್ನು ಸುರಕ್ಷಿತ ಮತ್ತು ಆರಾಮದಾಯಕವಾಗಿಸಲು ಪ್ರವಾಸಿಗರಿಗೆ ಎಲ್ಲ ವ್ಯವಸ್ಥೆಗಳನ್ನು ಮಾಡಲಾಗಿದೆ. ಈ ಜನಪ್ರಿಯತೆ ಅಯೋಧ್ಯೆಯ ಧಾರ್ಮಿಕ, ಸಾಂಸ್ಕೃತಿಕ ಮತ್ತು ಆರ್ಥಿಕ ಮಹತ್ವವನ್ನು ಹೆಚ್ಚಿಸಿದೆ ಎಂದರು.
26.17 ಲಕ್ಷ ದೀಪಗಳಿಂದ ಕಂಗೊಳಿಸಿದ ಅಯೋಧ್ಯೆ. | 2,128 ವೇದಾಚಾರ್ಯರಿಂದ ಸರಯೂ ಆರತಿ
ರಾಮನಗರಿಗೆ ಗಿನ್ನಿಸ್ ಅವಳಿ ವಿಶ್ವ ದಾಖಲೆ ಗರಿ
ಅಯೋಧ್ಯೆ: ಯೋಗಿ ಆದಿತ್ಯನಾಥ್ ಅವರ ನೇತೃತ್ವದಲ್ಲಿ ನಡೆದ 2025ರ ಅಯೋಧ್ಯೆ ದೀಪೋತ್ಸವದಲ್ಲಿ 26 ಲಕ್ಷ 17 ಸಾವಿರ ದೀಪಗಳನ್ನು ಬೆಳಗಿ ಮತ್ತು 2 ಗಿನ್ನಿಸ್ ವಿಶ್ವ ದಾಖಲೆಗಳನ್ನು ಬರೆದಿದೆ. ರಾಮ್ ಕಿ ಪೈಡಿ ಘಾಟ್‌ಗಳಲ್ಲಿ ಸರಯೂ ನದಿಯ ದಡದಲ್ಲಿ 26.17 ಲಕ್ಷ ಎಣ್ಣೆ ದೀಪಗಳನ್ನು ಬೆಳಗಿ ಗಿನ್ನಿಸ್ ವಿಶ್ವ ದಾಖಲೆ ಬರೆಯಲಾಯಿತು. ಭೋಟ ಅವಧಿ ಅರ್ಥದಲ್ಲಿ ಸರಯೂ ನದಿ ತೀರದಲ್ಲಿ 2,128 ವೇದಾಚಾರ್ಯರು ಏಕಕಾಲದಲ್ಲಿ ಆರತಿ ಬೆಳಗಿ ಮತ್ತೊಂದು ವಿಶ್ವ ದಾಖಲೆ ನಿರ್ಮಿಸಿದರು. ದೀಪೋತ್ಸವದಲ್ಲಿ 33 ಸಾವಿರಕ್ಕೂ ಅಧಿಕ ಸ್ವಯಂಸೇವಕರು ಪಾಲ್ಗೊಂಡಿದ್ದರು. ಮುಖ್ಯಮಂತ್ರಿ ಯೋಗಿ ಆದಿತ್ಯನಾಥ್ ಅವರು ಭಗವಾನ್ ಶ್ರೀರಾಮ, ಸೀತಾ ಮಾತೆ ಮತ್ತು ಲಕ್ಷ್ಮಣರ ವೇಷಧಾರಿಗಳನ್ನು ಸ್ವಾಗತಿಸಿ ರಾಜ್ಯಾಭಿಷೇಕ ನೆರವೇರಿಸಿದರು. ಈ ವೇಳೆ ಸಂಭ್ರಮ ಮುಗಿಲುಮುಟ್ಟಿತ್ತು. ಲೇಸರ್ ಶೋ, ಡ್ರೋನ್ ಪ್ರದರ್ಶನ ಮತ್ತು ಸಾಂಸ್ಕೃತಿಕ ಕಾರ್ಯಕ್ರಮಗಳು ನೆರೆದಿದ್ದ ಲಕ್ಷಾಂತರ ಭಕ್ತರನ್ನು ಮಂತ್ರಮುಗ್ಧಗೊಳಿಸಿದವು. ಅಯೋಧ್ಯೆ ದೀಪೋತ್ಸವ ವಿಶ್ವದಲ್ಲೇ ಅತಿದೊಡ್ಡ ದೀಪ ಉತ್ಸವವಾಗಿ ಹೊರಹೊಮ್ಮಿದೆ ಎಂದು ಅವರು ತಿಳಿಸಿದರು.
